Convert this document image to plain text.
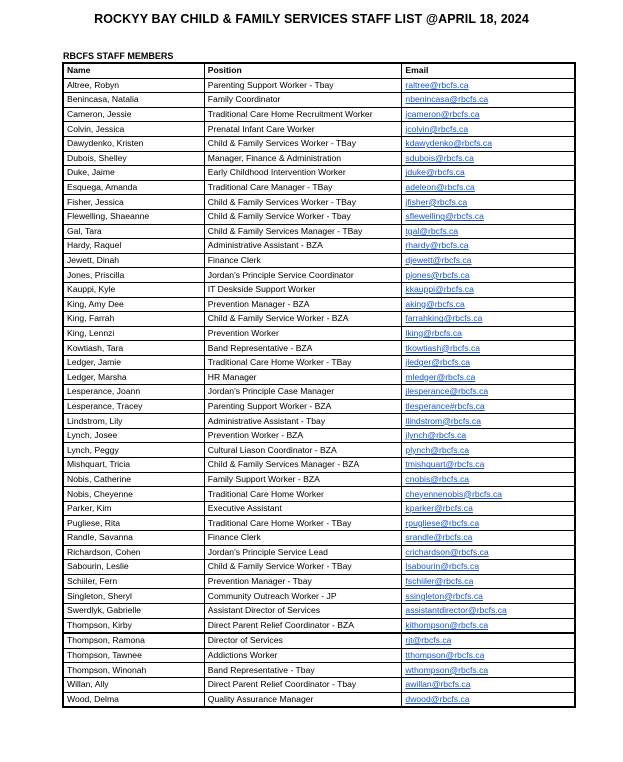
ROCKYY BAY CHILD & FAMILY SERVICES STAFF LIST @APRIL 18, 2024
RBCFS STAFF MEMBERS
Name	Position	Email
Altree, Robyn	Parenting Support Worker - Tbay	raltree@rbcfs.ca
Benincasa, Natalia	Family Coordinator	nbenincasa@rbcfs.ca
Cameron, Jessie	Traditional Care Home Recruitment Worker	jcameron@rbcfs.ca
Colvin, Jessica	Prenatal Infant Care Worker	jcolvin@rbcfs.ca
Dawydenko, Kristen	Child & Family Services Worker - TBay	kdawydenko@rbcfs.ca
Dubois, Shelley	Manager, Finance & Administration	sdubois@rbcfs.ca
Duke, Jaime	Early Childhood Intervention Worker	jduke@rbcfs.ca
Esquega, Amanda	Traditional Care Manager - TBay	adeleon@rbcfs.ca
Fisher, Jessica	Child & Family Services Worker - TBay	jfisher@rbcfs.ca
Flewelling, Shaeanne	Child & Family Service Worker - Tbay	sflewelling@rbcfs.ca
Gal, Tara	Child & Family Services Manager - TBay	tgal@rbcfs.ca
Hardy, Raquel	Administrative Assistant - BZA	rhardy@rbcfs.ca
Jewett, Dinah	Finance Clerk	djewett@rbcfs.ca
Jones, Priscilla	Jordan's Principle Service Coordinator	pjones@rbcfs.ca
Kauppi, Kyle	IT Deskside Support Worker	kkauppi@rbcfs.ca
King, Amy Dee	Prevention Manager - BZA	aking@rbcfs.ca
King, Farrah	Child & Family Service Worker - BZA	farrahking@rbcfs.ca
King, Lennzi	Prevention Worker	lking@rbcfs.ca
Kowtiash, Tara	Band Representative - BZA	tkowtiash@rbcfs.ca
Ledger, Jamie	Traditional Care Home Worker - TBay	jledger@rbcfs.ca
Ledger, Marsha	HR Manager	mledger@rbcfs.ca
Lesperance, Joann	Jordan's Principle Case Manager	jlesperance@rbcfs.ca
Lesperance, Tracey	Parenting Support Worker - BZA	tlesperance#rbcfs.ca
Lindstrom, Lily	Administrative Assistant - Tbay	llindstrom@rbcfs.ca
Lynch, Josee	Prevention Worker - BZA	jlynch@rbcfs.ca
Lynch, Peggy	Cultural Liason Coordinator - BZA	plynch@rbcfs.ca
Mishquart, Tricia	Child & Family Services Manager - BZA	tmishquart@rbcfs.ca
Nobis, Catherine	Family Support Worker - BZA	cnobis@rbcfs.ca
Nobis, Cheyenne	Traditional Care Home Worker	cheyennenobis@rbcfs.ca
Parker, Kim	Executive Assistant	kparker@rbcfs.ca
Pugliese, Rita	Traditional Care Home Worker - TBay	rpugliese@rbcfs.ca
Randle, Savanna	Finance Clerk	srandle@rbcfs.ca
Richardson, Cohen	Jordan's Principle Service Lead	crichardson@rbcfs.ca
Sabourin, Leslie	Child & Family Service Worker - TBay	lsabourin@rbcfs.ca
Schiiler, Fern	Prevention Manager - Tbay	fschiiler@rbcfs.ca
Singleton, Sheryl	Community Outreach Worker - JP	ssingleton@rbcfs.ca
Swerdlyk, Gabrielle	Assistant Director of Services	assistantdirector@rbcfs.ca
Thompson, Kirby	Direct Parent Relief Coordinator - BZA	kithompson@rbcfs.ca
Thompson, Ramona	Director of Services	rjt@rbcfs.ca
Thompson, Tawnee	Addictions Worker	tthompson@rbcfs.ca
Thompson, Winonah	Band Representative - Tbay	wthompson@rbcfs.ca
Willan, Ally	Direct Parent Relief Coordinator - Tbay	awillan@rbcfs.ca
Wood, Delma	Quality Assurance Manager	dwood@rbcfs.ca
